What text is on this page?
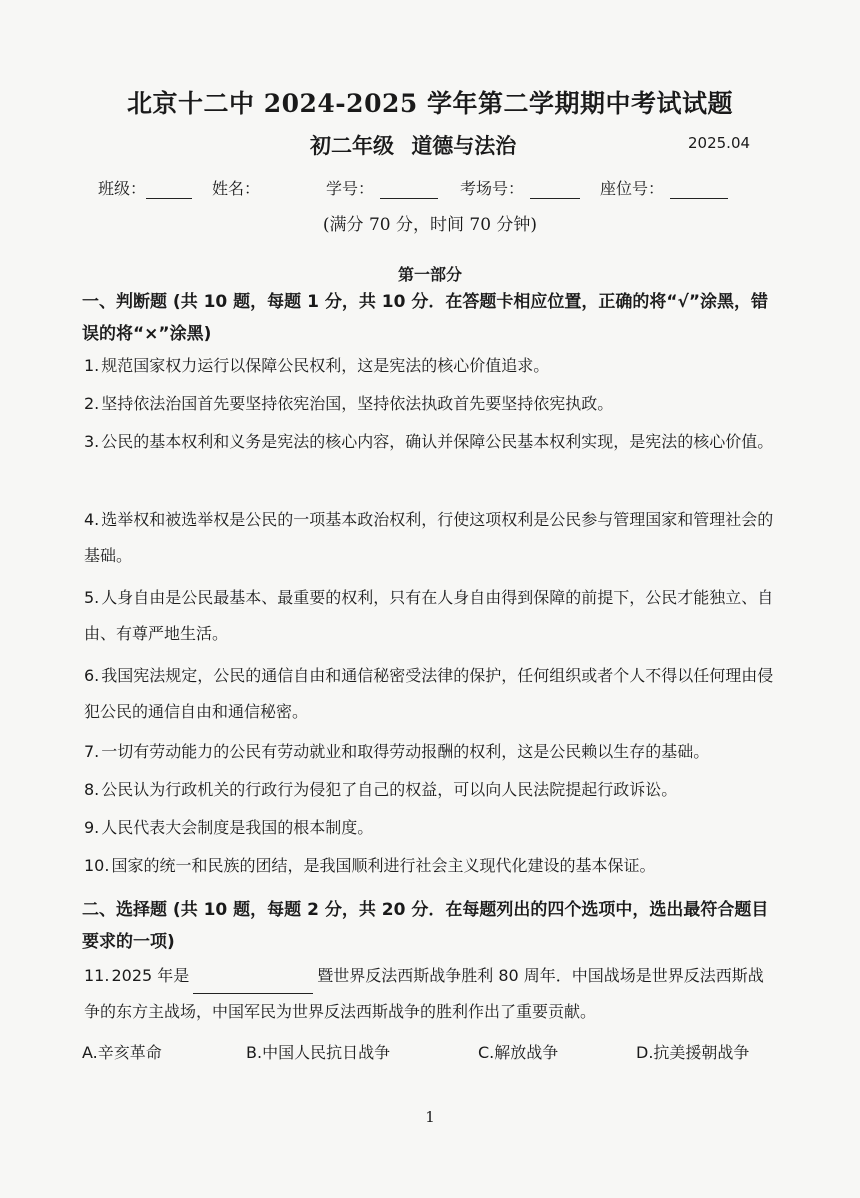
北京十二中 2024-2025 学年第二学期期中考试试题
初二年级 道德与法治	2025.04
班级：	姓名：	学号：	考场号：	座位号：
(满分 70 分，时间 70 分钟)
第一部分
一、判断题 (共 10 题，每题 1 分，共 10 分．在答题卡相应位置，正确的将“√”涂黑，错误的将“×”涂黑)
1. 规范国家权力运行以保障公民权利，这是宪法的核心价值追求。
2. 坚持依法治国首先要坚持依宪治国，坚持依法执政首先要坚持依宪执政。
3. 公民的基本权利和义务是宪法的核心内容，确认并保障公民基本权利实现，是宪法的核心价值。
4. 选举权和被选举权是公民的一项基本政治权利，行使这项权利是公民参与管理国家和管理社会的基础。
5. 人身自由是公民最基本、最重要的权利，只有在人身自由得到保障的前提下，公民才能独立、自由、有尊严地生活。
6. 我国宪法规定，公民的通信自由和通信秘密受法律的保护，任何组织或者个人不得以任何理由侵犯公民的通信自由和通信秘密。
7. 一切有劳动能力的公民有劳动就业和取得劳动报酬的权利，这是公民赖以生存的基础。
8. 公民认为行政机关的行政行为侵犯了自己的权益，可以向人民法院提起行政诉讼。
9. 人民代表大会制度是我国的根本制度。
10. 国家的统一和民族的团结，是我国顺利进行社会主义现代化建设的基本保证。
二、选择题 (共 10 题，每题 2 分，共 20 分．在每题列出的四个选项中，选出最符合题目要求的一项)
11. 2025 年是	暨世界反法西斯战争胜利 80 周年．中国战场是世界反法西斯战争的东方主战场，中国军民为世界反法西斯战争的胜利作出了重要贡献。
A.辛亥革命	B.中国人民抗日战争	C.解放战争	D.抗美援朝战争
1
